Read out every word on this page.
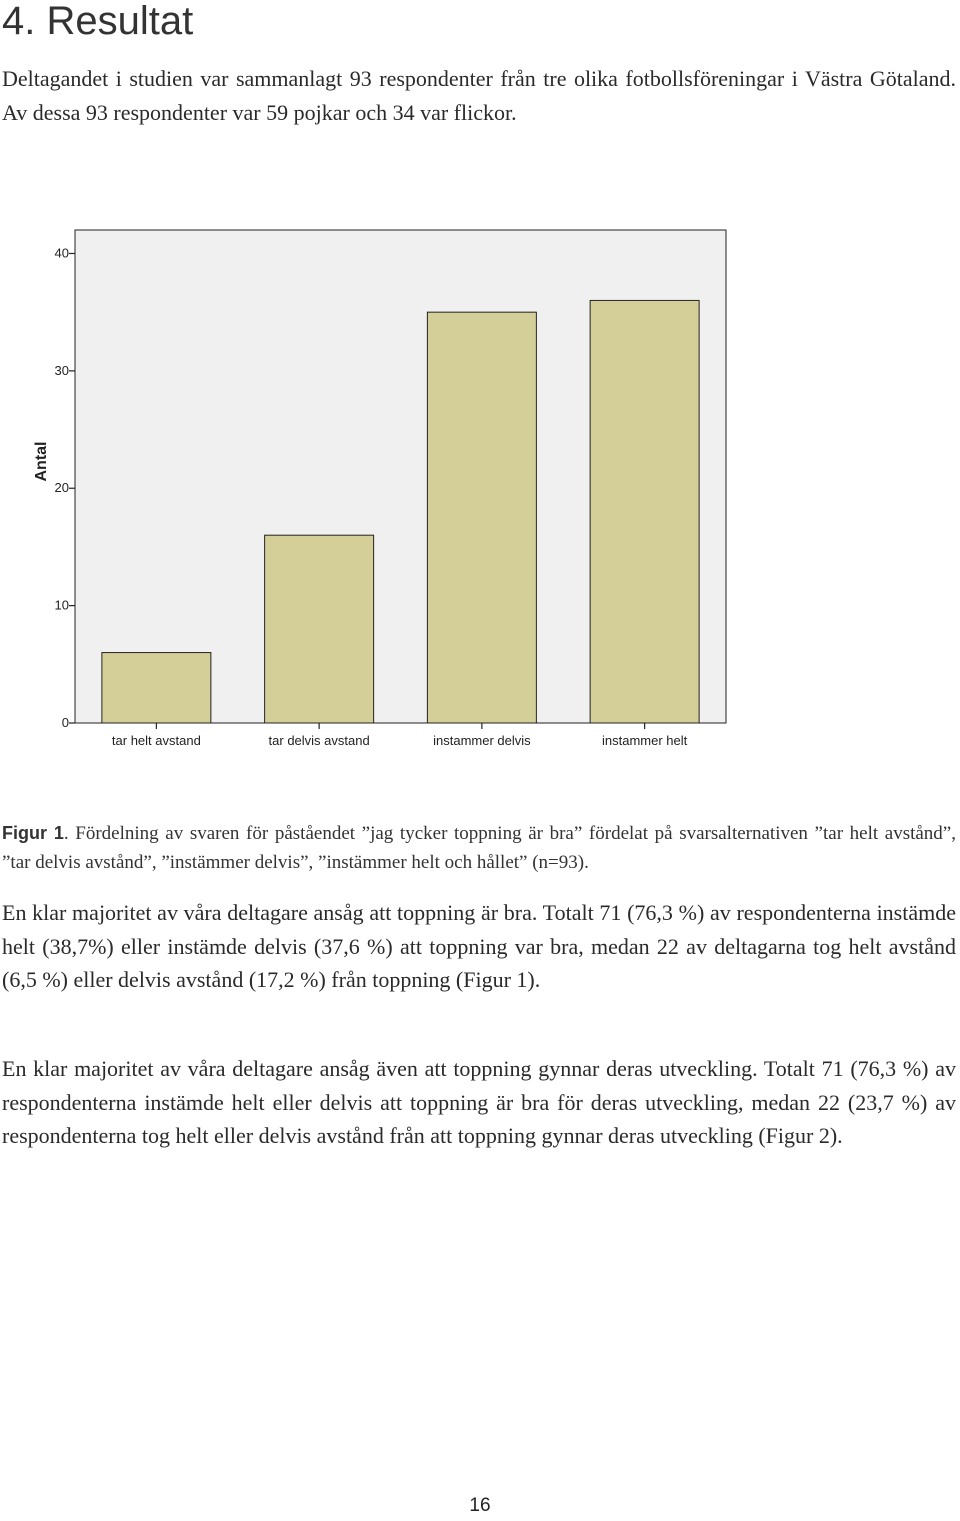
4. Resultat

Deltagandet i studien var sammanlagt 93 respondenter från tre olika fotbollsföreningar i Västra Götaland. Av dessa 93 respondenter var 59 pojkar och 34 var flickor.

0
10
20
30
40
tar helt avstand	tar delvis avstand	instammer delvis	instammer helt
Antal

Figur 1. Fördelning av svaren för påståendet ”jag tycker toppning är bra” fördelat på svarsalternativen ”tar helt avstånd”, ”tar delvis avstånd”, ”instämmer delvis”, ”instämmer helt och hållet” (n=93).

En klar majoritet av våra deltagare ansåg att toppning är bra. Totalt 71 (76,3 %) av respondenterna instämde helt (38,7%) eller instämde delvis (37,6 %) att toppning var bra, medan 22 av deltagarna tog helt avstånd (6,5 %) eller delvis avstånd (17,2 %) från toppning (Figur 1).

En klar majoritet av våra deltagare ansåg även att toppning gynnar deras utveckling. Totalt 71 (76,3 %) av respondenterna instämde helt eller delvis att toppning är bra för deras utveckling, medan 22 (23,7 %) av respondenterna tog helt eller delvis avstånd från att toppning gynnar deras utveckling (Figur 2).

16
